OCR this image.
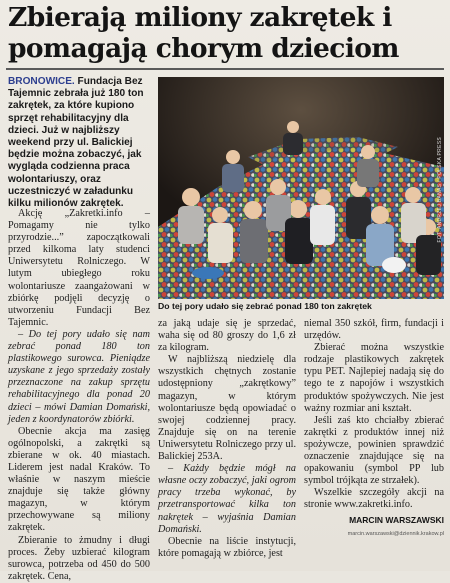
Zbierają miliony zakrętek i pomagają chorym dzieciom
BRONOWICE. Fundacja Bez Tajemnic zebrała już 180 ton zakrętek, za które kupiono sprzęt rehabilitacyjny dla dzieci. Już w najbliższy weekend przy ul. Balickiej będzie można zobaczyć, jak wygląda codzienna praca wolontariuszy, oraz uczestniczyć w załadunku kilku milionów zakrętek.	FOT. ANDRZEJ BANAS / POLSKA PRESS
Do tej pory udało się zebrać ponad 180 ton zakrętek

Akcję „Zakretki.info – Pomagamy nie tylko przyrodzie...” zapoczątkowali przed kilkoma laty studenci Uniwersytetu Rolniczego. W lutym ubiegłego roku wolontariusze zaangażowani w zbiórkę podjęli decyzję o utworzeniu Fundacji Bez Tajemnic.

– Do tej pory udało się nam zebrać ponad 180 ton plastikowego surowca. Pieniądze uzyskane z jego sprzedaży zostały przeznaczone na zakup sprzętu rehabilitacyjnego dla ponad 20 dzieci – mówi Damian Domański, jeden z koordynatorów zbiórki.

Obecnie akcja ma zasięg ogólnopolski, a zakrętki są zbierane w ok. 40 miastach. Liderem jest nadal Kraków. To właśnie w naszym mieście znajduje się także główny magazyn, w którym przechowywane są miliony zakrętek.

Zbieranie to żmudny i długi proces. Żeby uzbierać kilogram surowca, potrzeba od 450 do 500 zakrętek. Cena,

za jaką udaje się je sprzedać, waha się od 80 groszy do 1,6 zł za kilogram.

W najbliższą niedzielę dla wszystkich chętnych zostanie udostępniony „zakrętkowy” magazyn, w którym wolontariusze będą opowiadać o swojej codziennej pracy. Znajduje się on na terenie Uniwersytetu Rolniczego przy ul. Balickiej 253A.

– Każdy będzie mógł na własne oczy zobaczyć, jaki ogrom pracy trzeba wykonać, by przetransportować kilka ton nakrętek – wyjaśnia Damian Domański.

Obecnie na liście instytucji, które pomagają w zbiórce, jest

niemal 350 szkół, firm, fundacji i urzędów.

Zbierać można wszystkie rodzaje plastikowych zakrętek typu PET. Najlepiej nadają się do tego te z napojów i wszystkich produktów spożywczych. Nie jest ważny rozmiar ani kształt.

Jeśli zaś kto chciałby zbierać zakrętki z produktów innej niż spożywcze, powinien sprawdzić oznaczenie znajdujące się na opakowaniu (symbol PP lub symbol trójkąta ze strzałek).

Wszelkie szczegóły akcji na stronie www.zakretki.info.

MARCIN WARSZAWSKI
marcin.warszawski@dziennik.krakow.pl
